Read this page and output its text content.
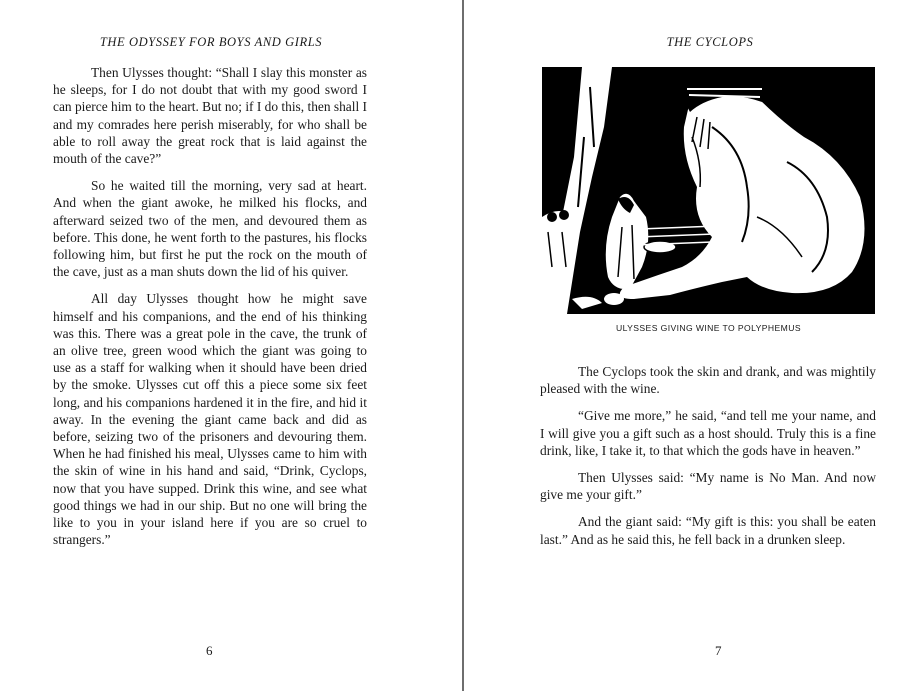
THE ODYSSEY FOR BOYS AND GIRLS

Then Ulysses thought: “Shall I slay this monster as he sleeps, for I do not doubt that with my good sword I can pierce him to the heart. But no; if I do this, then shall I and my comrades here perish miserably, for who shall be able to roll away the great rock that is laid against the mouth of the cave?”

So he waited till the morning, very sad at heart. And when the giant awoke, he milked his flocks, and afterward seized two of the men, and devoured them as before. This done, he went forth to the pastures, his flocks following him, but first he put the rock on the mouth of the cave, just as a man shuts down the lid of his quiver.

All day Ulysses thought how he might save himself and his companions, and the end of his thinking was this. There was a great pole in the cave, the trunk of an olive tree, green wood which the giant was going to use as a staff for walking when it should have been dried by the smoke. Ulysses cut off this a piece some six feet long, and his companions hardened it in the fire, and hid it away. In the evening the giant came back and did as before, seizing two of the prisoners and devouring them. When he had finished his meal, Ulysses came to him with the skin of wine in his hand and said, “Drink, Cyclops, now that you have supped. Drink this wine, and see what good things we had in our ship. But no one will bring the like to you in your island here if you are so cruel to strangers.”

6
THE CYCLOPS
ULYSSES GIVING WINE TO POLYPHEMUS

The Cyclops took the skin and drank, and was mightily pleased with the wine.

“Give me more,” he said, “and tell me your name, and I will give you a gift such as a host should. Truly this is a fine drink, like, I take it, to that which the gods have in heaven.”

Then Ulysses said: “My name is No Man. And now give me your gift.”

And the giant said: “My gift is this: you shall be eaten last.” And as he said this, he fell back in a drunken sleep.

7
